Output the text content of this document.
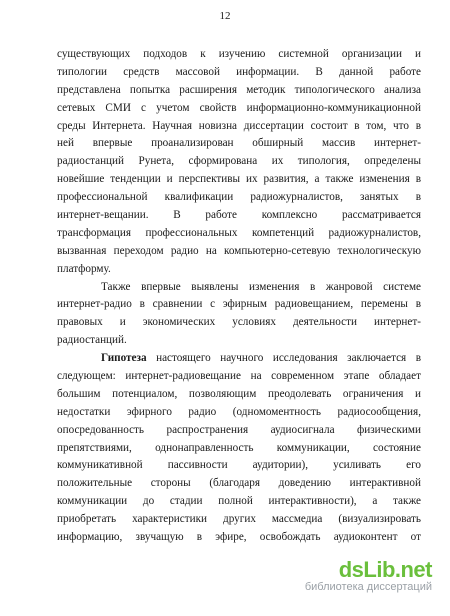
12
существующих подходов к изучению системной организации и
типологии средств массовой информации. В данной работе
представлена попытка расширения методик типологического анализа
сетевых СМИ с учетом свойств информационно-коммуникационной
среды Интернета. Научная новизна диссертации состоит в том, что в
ней впервые проанализирован обширный массив интернет-
радиостанций Рунета, сформирована их типология, определены
новейшие тенденции и перспективы их развития, а также изменения в
профессиональной квалификации радиожурналистов, занятых в
интернет-вещании. В работе комплексно рассматривается
трансформация профессиональных компетенций радиожурналистов,
вызванная переходом радио на компьютерно-сетевую технологическую
платформу.
Также впервые выявлены изменения в жанровой системе
интернет-радио в сравнении с эфирным радиовещанием, перемены в
правовых и экономических условиях деятельности интернет-
радиостанций.
Гипотеза настоящего научного исследования заключается в
следующем: интернет-радиовещание на современном этапе обладает
большим потенциалом, позволяющим преодолевать ограничения и
недостатки эфирного радио (одномоментность радиосообщения,
опосредованность распространения аудиосигнала физическими
препятствиями, однонаправленность коммуникации, состояние
коммуникативной пассивности аудитории), усиливать его
положительные стороны (благодаря доведению интерактивной
коммуникации до стадии полной интерактивности), а также
приобретать характеристики других массмедиа (визуализировать
информацию, звучащую в эфире, освобождать аудиоконтент от
dsLib.net
библиотека диссертаций
